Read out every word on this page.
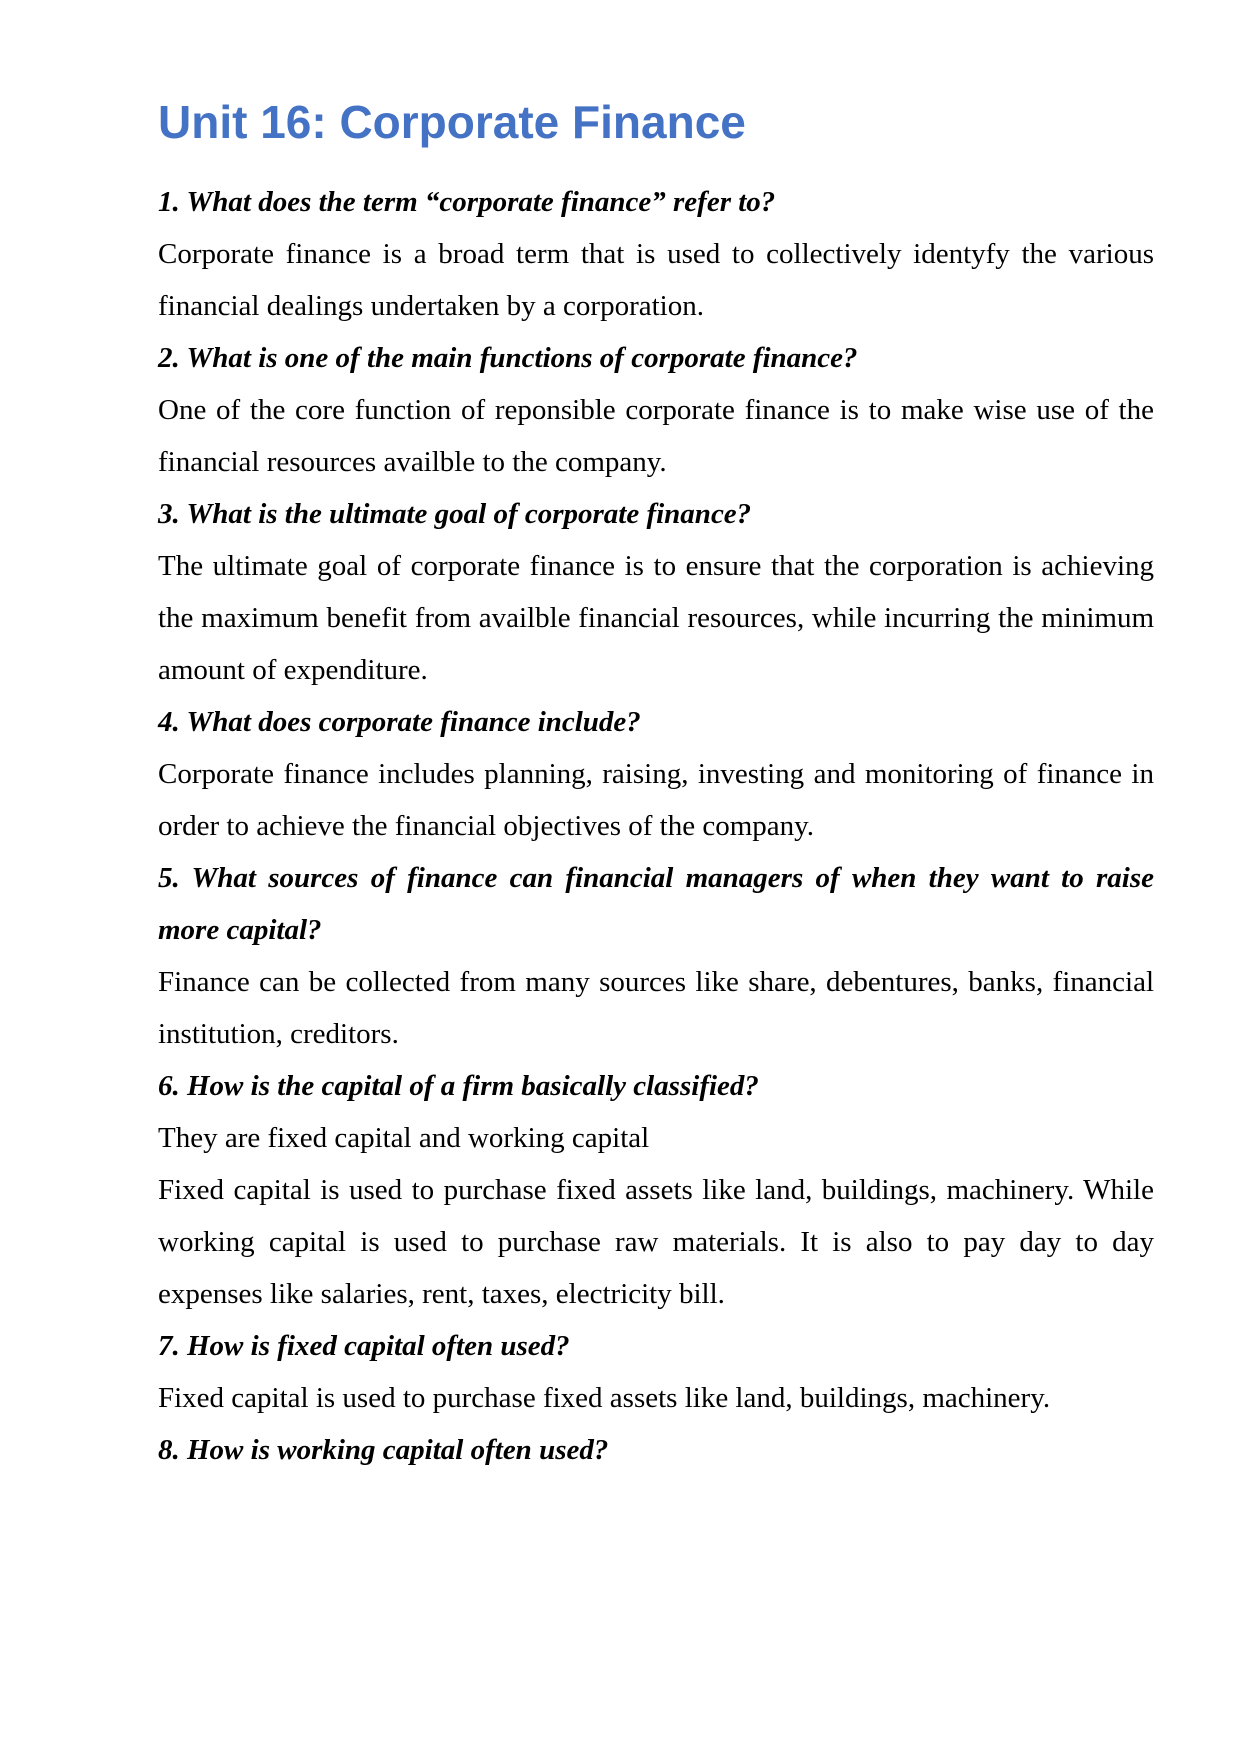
Unit 16: Corporate Finance

1. What does the term “corporate finance” refer to?

Corporate finance is a broad term that is used to collectively identyfy the various financial dealings undertaken by a corporation.

2. What is one of the main functions of corporate finance?

One of the core function of reponsible corporate finance is to make wise use of the financial resources availble to the company.

3. What is the ultimate goal of corporate finance?

The ultimate goal of corporate finance is to ensure that the corporation is achieving the maximum benefit from availble financial resources, while incurring the minimum amount of expenditure.

4. What does corporate finance include?

Corporate finance includes planning, raising, investing and monitoring of finance in order to achieve the financial objectives of the company.

5. What sources of finance can financial managers of when they want to raise more capital?

Finance can be collected from many sources like share, debentures, banks, financial institution, creditors.

6. How is the capital of a firm basically classified?

They are fixed capital and working capital

Fixed capital is used to purchase fixed assets like land, buildings, machinery. While working capital is used to purchase raw materials. It is also to pay day to day expenses like salaries, rent, taxes, electricity bill.

7. How is fixed capital often used?

Fixed capital is used to purchase fixed assets like land, buildings, machinery.

8. How is working capital often used?
